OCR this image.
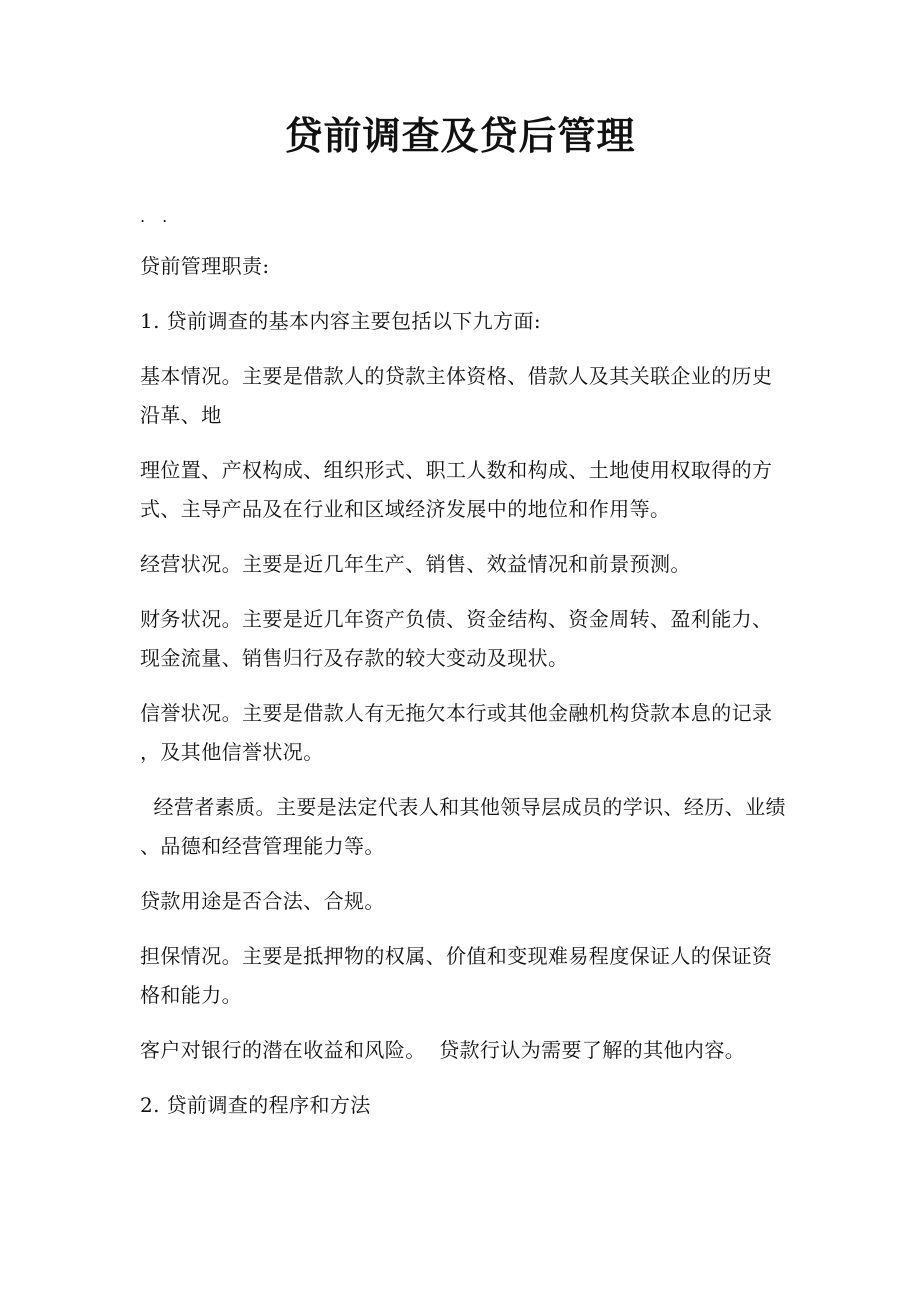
贷前调查及贷后管理
. .
贷前管理职责:
1. 贷前调查的基本内容主要包括以下九方面:
基本情况。主要是借款人的贷款主体资格、借款人及其关联企业的历史
沿革、地
理位置、产权构成、组织形式、职工人数和构成、土地使用权取得的方
式、主导产品及在行业和区域经济发展中的地位和作用等。
经营状况。主要是近几年生产、销售、效益情况和前景预测。
财务状况。主要是近几年资产负债、资金结构、资金周转、盈利能力、
现金流量、销售归行及存款的较大变动及现状。
信誉状况。主要是借款人有无拖欠本行或其他金融机构贷款本息的记录
，及其他信誉状况。
经营者素质。主要是法定代表人和其他领导层成员的学识、经历、业绩
、品德和经营管理能力等。
贷款用途是否合法、合规。
担保情况。主要是抵押物的权属、价值和变现难易程度保证人的保证资
格和能力。
客户对银行的潜在收益和风险。  贷款行认为需要了解的其他内容。
2. 贷前调查的程序和方法
